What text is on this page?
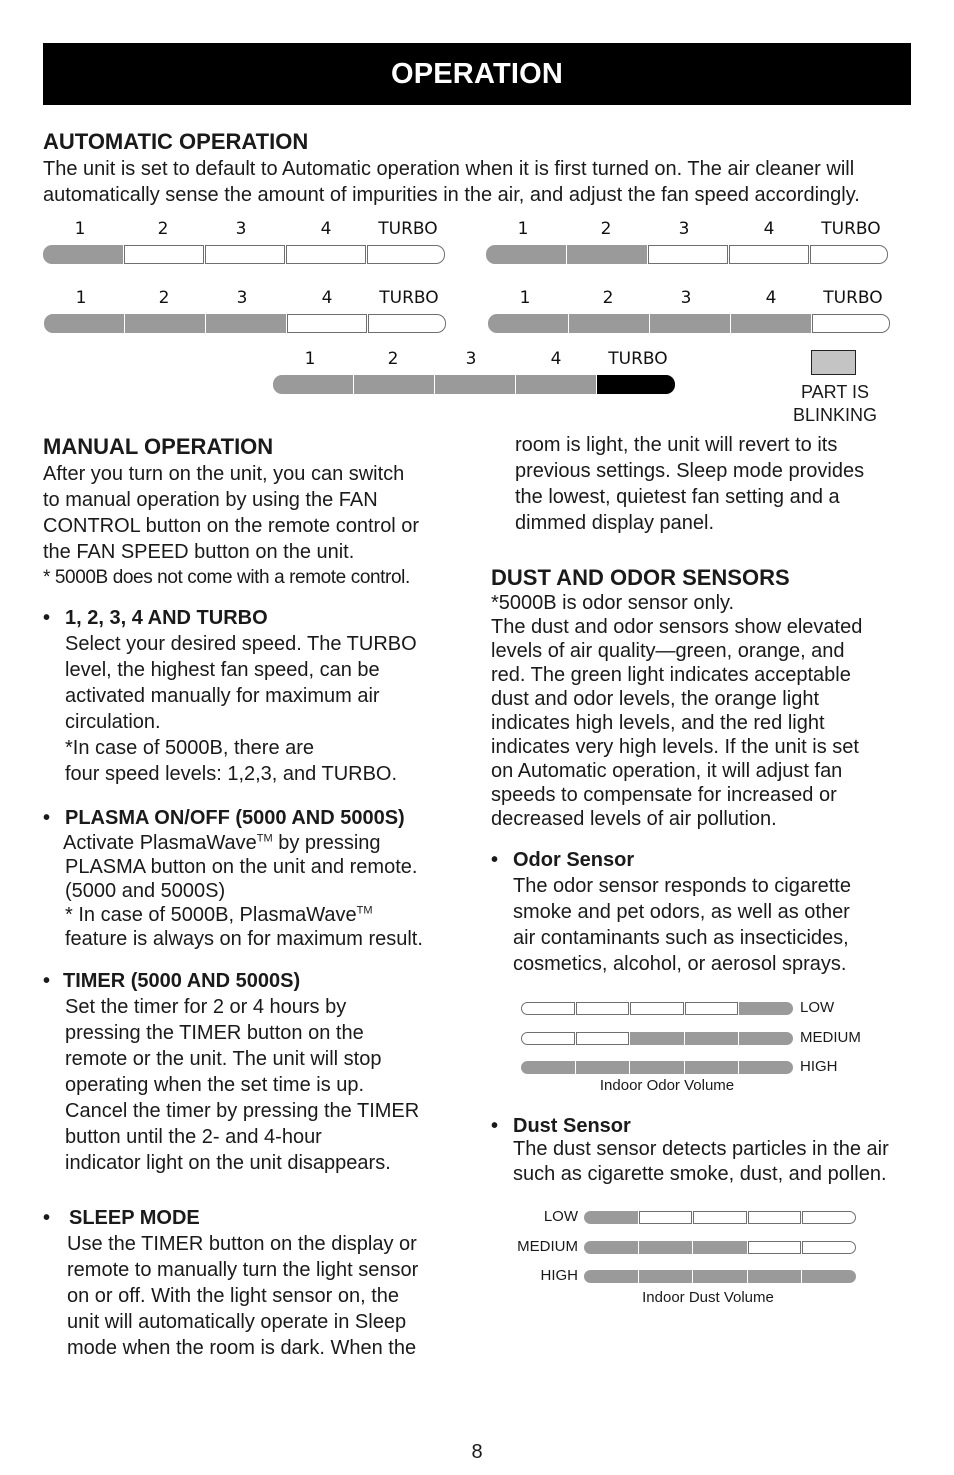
OPERATION
AUTOMATIC OPERATION
The unit is set to default to Automatic operation when it is first turned on. The air cleaner will
automatically sense the amount of impurities in the air, and adjust the fan speed accordingly.
1	2	3	4	TURBO	1	2	3	4	TURBO
1	2	3	4	TURBO	1	2	3	4	TURBO
1	2	3	4	TURBO
PART IS
BLINKING
MANUAL OPERATION
After you turn on the unit, you can switch
to manual operation by using the FAN
CONTROL button on the remote control or
the FAN SPEED button on the unit.
* 5000B does not come with a remote control.
• 1, 2, 3, 4 AND TURBO
Select your desired speed. The TURBO
level, the highest fan speed, can be
activated manually for maximum air
circulation.
*In case of 5000B, there are
four speed levels: 1,2,3, and TURBO.
• PLASMA ON/OFF (5000 AND 5000S)
Activate PlasmaWave™ by pressing
PLASMA button on the unit and remote.
(5000 and 5000S)
* In case of 5000B, PlasmaWave™
feature is always on for maximum result.
• TIMER (5000 AND 5000S)
Set the timer for 2 or 4 hours by
pressing the TIMER button on the
remote or the unit. The unit will stop
operating when the set time is up.
Cancel the timer by pressing the TIMER
button until the 2- and 4-hour
indicator light on the unit disappears.
• SLEEP MODE
Use the TIMER button on the display or
remote to manually turn the light sensor
on or off. With the light sensor on, the
unit will automatically operate in Sleep
mode when the room is dark. When the
room is light, the unit will revert to its
previous settings. Sleep mode provides
the lowest, quietest fan setting and a
dimmed display panel.
DUST AND ODOR SENSORS
*5000B is odor sensor only.
The dust and odor sensors show elevated
levels of air quality—green, orange, and
red. The green light indicates acceptable
dust and odor levels, the orange light
indicates high levels, and the red light
indicates very high levels. If the unit is set
on Automatic operation, it will adjust fan
speeds to compensate for increased or
decreased levels of air pollution.
• Odor Sensor
The odor sensor responds to cigarette
smoke and pet odors, as well as other
air contaminants such as insecticides,
cosmetics, alcohol, or aerosol sprays.
LOW
MEDIUM
HIGH
Indoor Odor Volume
• Dust Sensor
The dust sensor detects particles in the air
such as cigarette smoke, dust, and pollen.
LOW
MEDIUM
HIGH
Indoor Dust Volume
8
